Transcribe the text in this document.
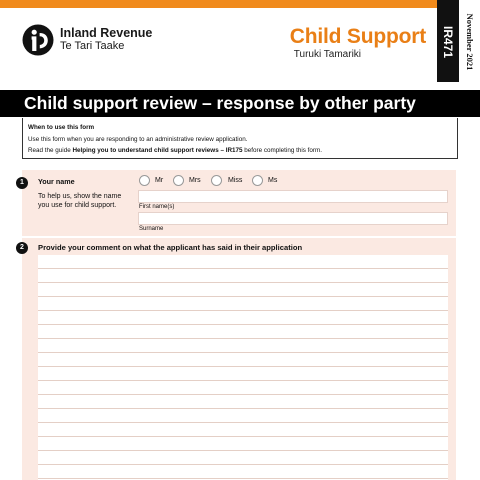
Inland Revenue
Te Tari Taake	Child Support
Turuki Tamariki	IR471 November 2021
Child support review – response by other party
When to use this form
Use this form when you are responding to an administrative review application.
Read the guide Helping you to understand child support reviews – IR175 before completing this form.
1	Your name
To help us, show the name
you use for child support.
Mr	Mrs	Miss	Ms
First name(s)
Surname
2	Provide your comment on what the applicant has said in their application
